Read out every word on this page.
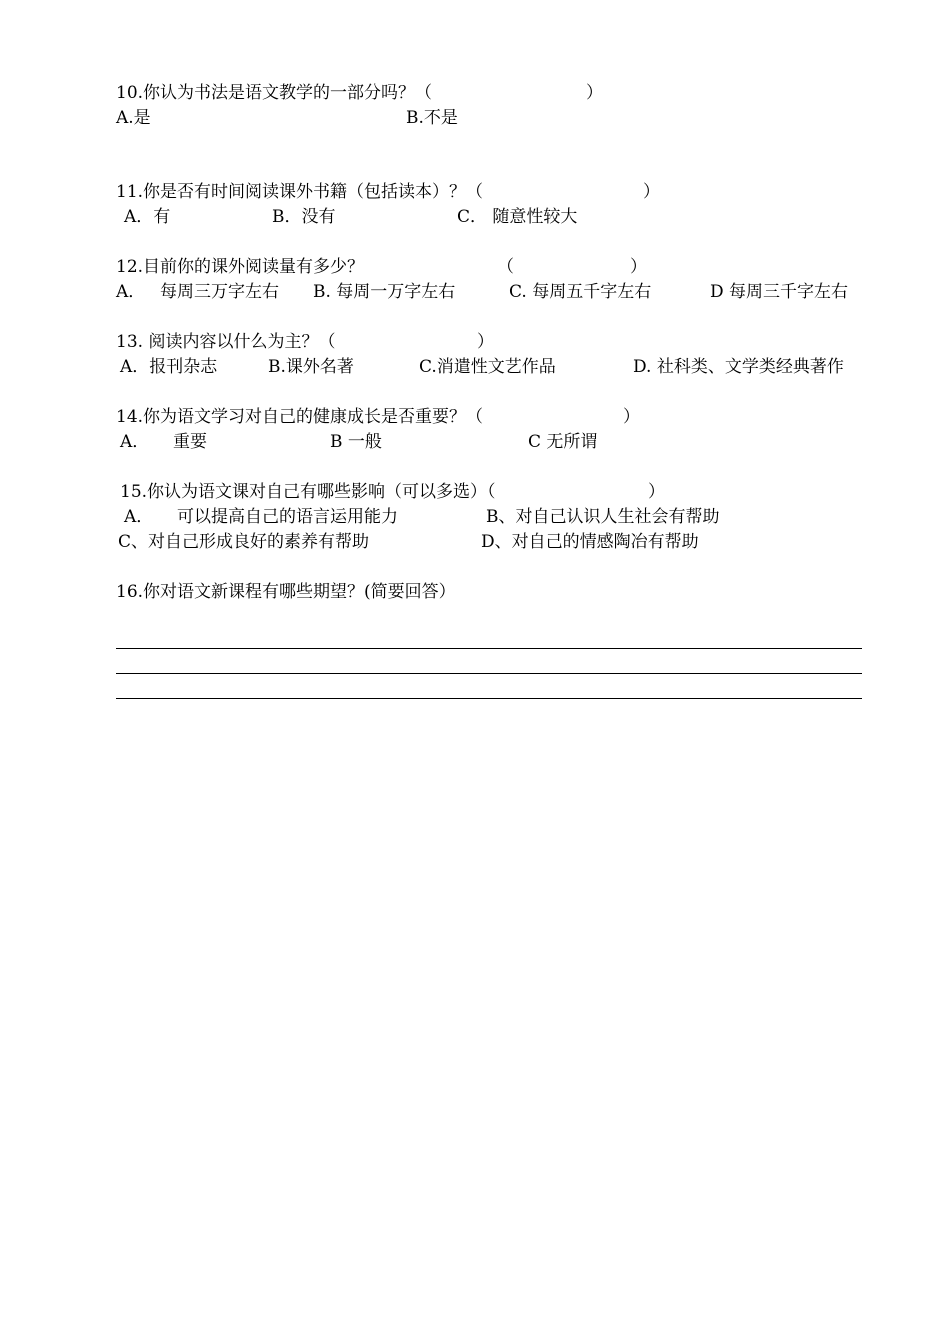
10.你认为书法是语文教学的一部分吗？（	）
A.是	B.不是
11.你是否有时间阅读课外书籍（包括读本）？（	）
A．有	B．没有	C． 随意性较大
12.目前你的课外阅读量有多少？	（	）
A． 每周三万字左右 B. 每周一万字左右	C. 每周五千字左右	D 每周三千字左右
13. 阅读内容以什么为主？（	）
A．报刊杂志	B.课外名著	C.消遣性文艺作品	D. 社科类、文学类经典著作
14.你为语文学习对自己的健康成长是否重要？（	）
A． 重要	B 一般	C 无所谓
15.你认为语文课对自己有哪些影响（可以多选）（	）
A． 可以提高自己的语言运用能力	B、对自己认识人生社会有帮助
C、对自己形成良好的素养有帮助	D、对自己的情感陶冶有帮助
16.你对语文新课程有哪些期望？(简要回答）
